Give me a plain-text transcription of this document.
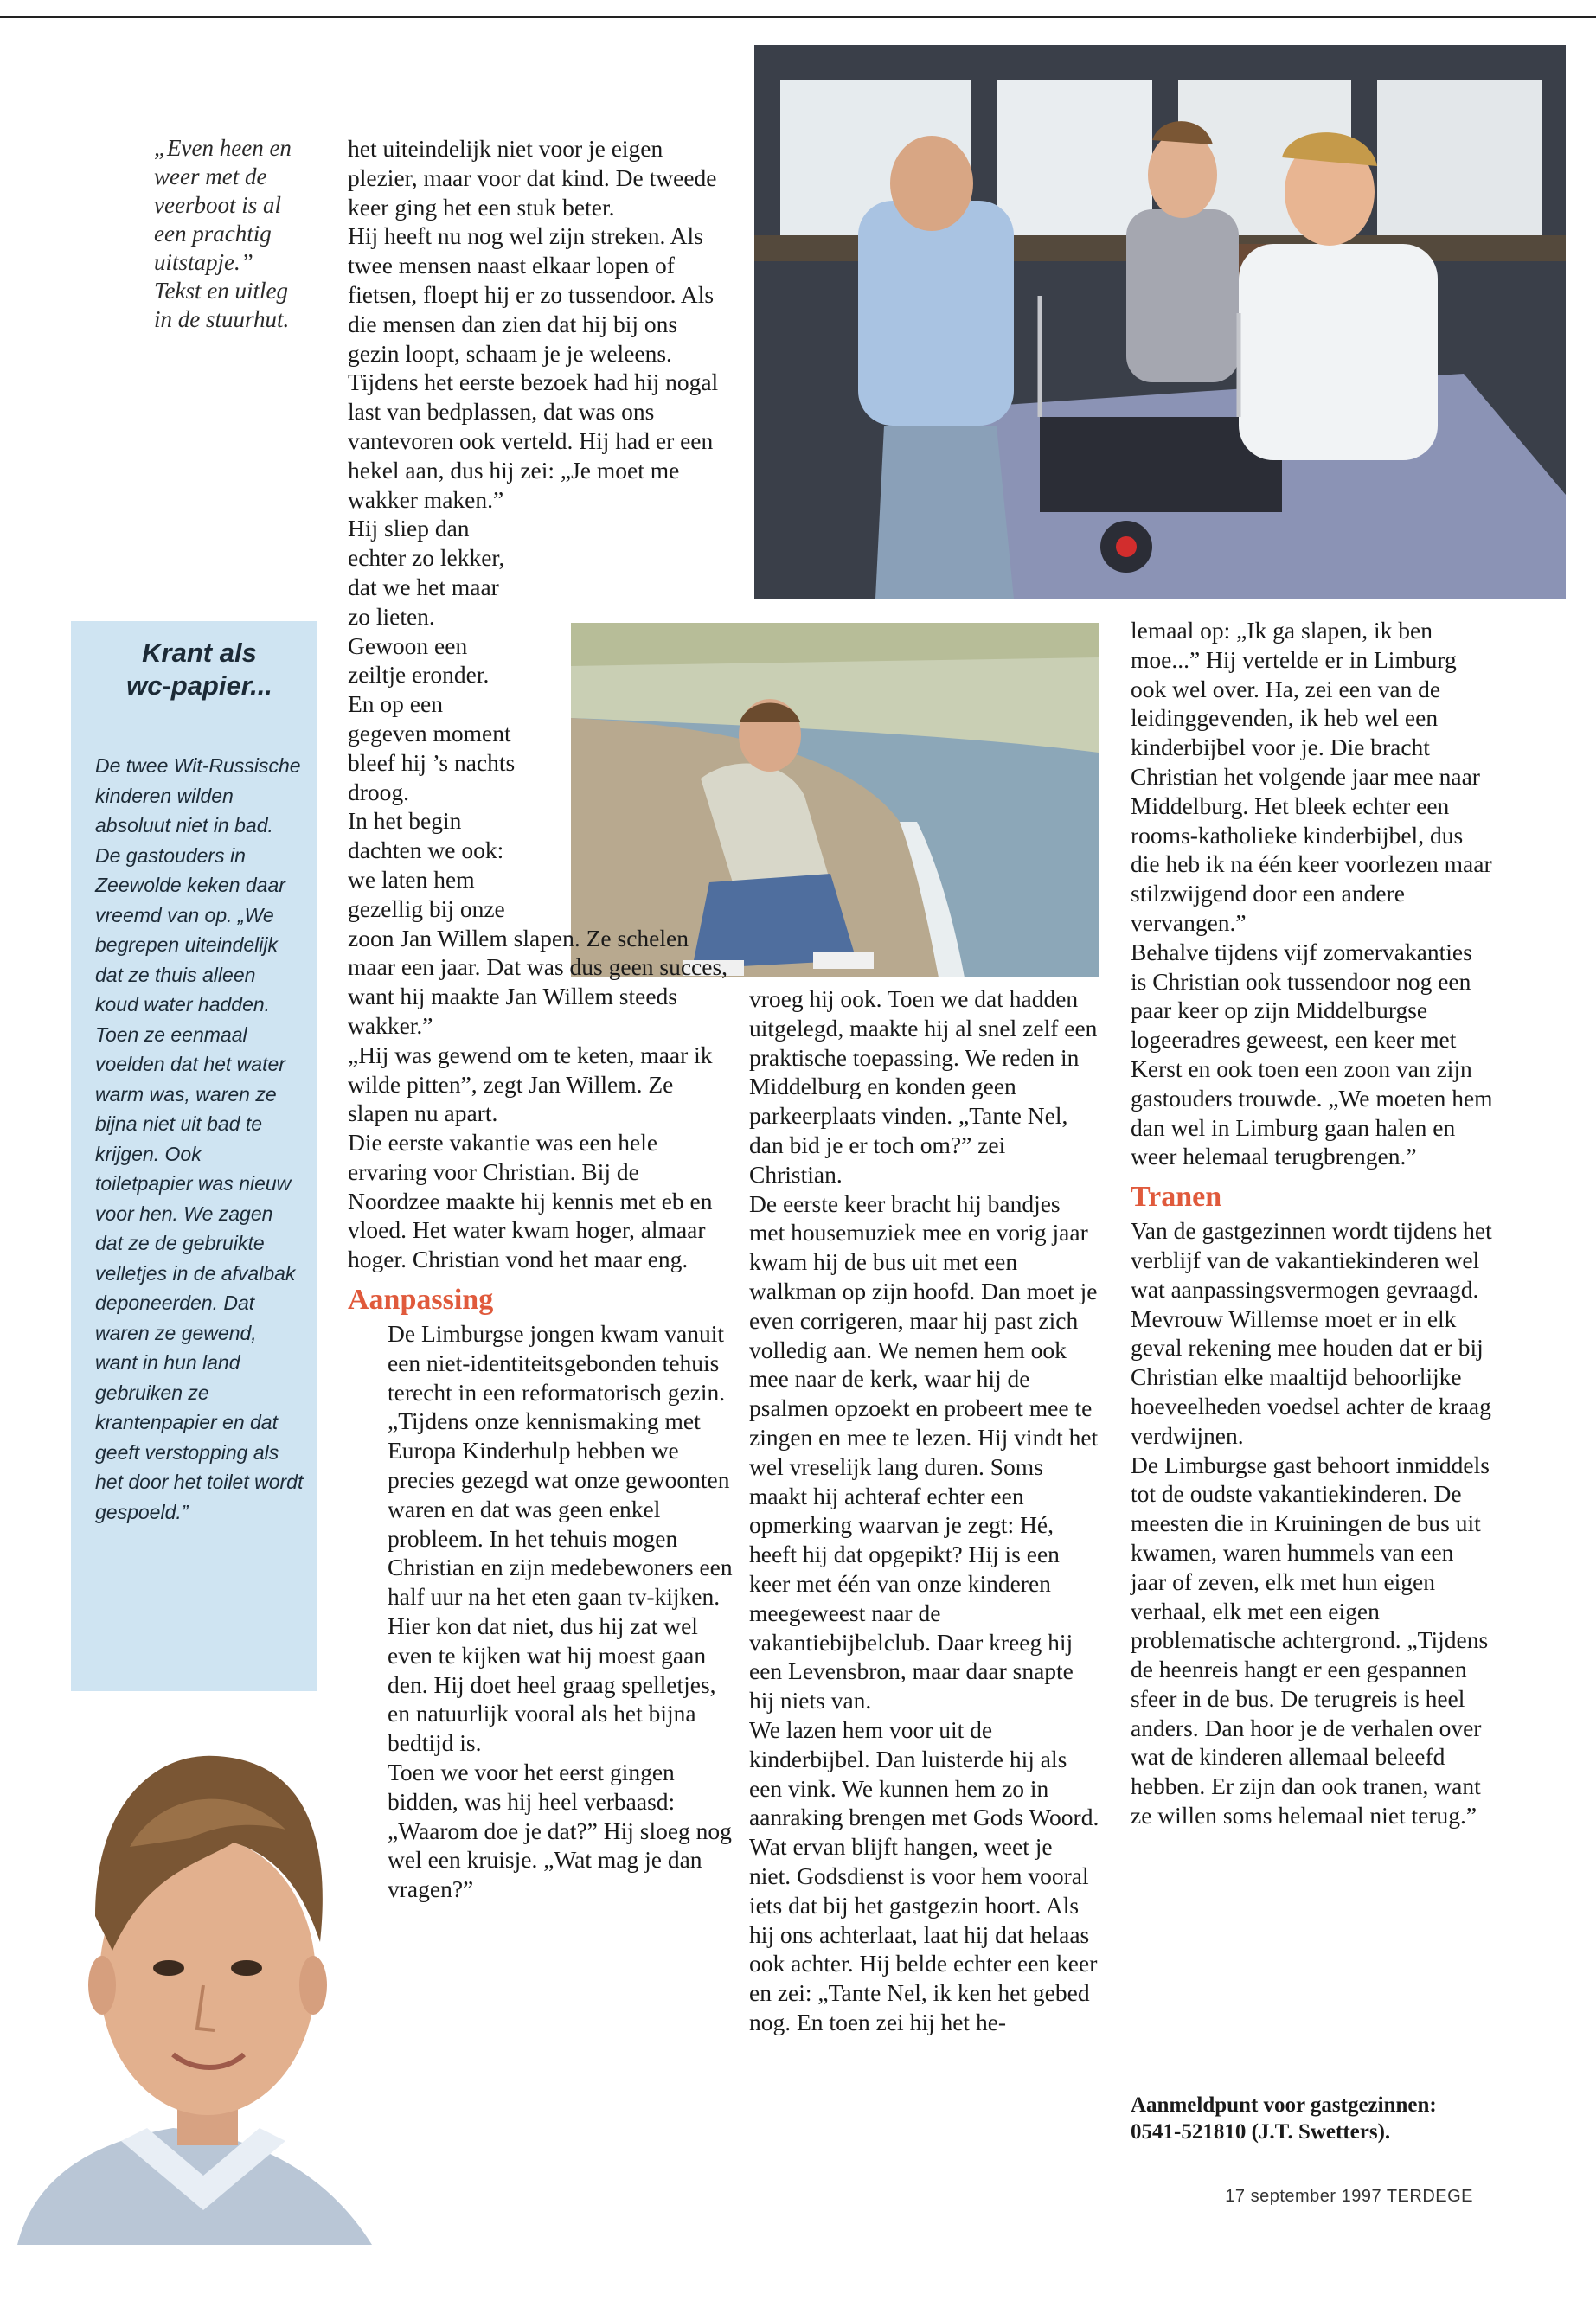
„Even heen en
weer met de
veerboot is al
een prachtig
uitstapje.”
Tekst en uitleg
in de stuurhut.
Krant als
wc-papier...
De twee Wit-Russische kinderen wilden absoluut niet in bad. De gastouders in Zeewolde keken daar vreemd van op. „We begrepen uiteindelijk dat ze thuis alleen koud water hadden. Toen ze eenmaal voelden dat het water warm was, waren ze bijna niet uit bad te krijgen. Ook toiletpapier was nieuw voor hen. We zagen dat ze de gebruikte velletjes in de afvalbak deponeerden. Dat waren ze gewend, want in hun land gebruiken ze krantenpapier en dat geeft verstopping als het door het toilet wordt gespoeld.”

het uiteindelijk niet voor je eigen plezier, maar voor dat kind. De tweede keer ging het een stuk beter.

Hij heeft nu nog wel zijn streken. Als twee mensen naast elkaar lopen of fietsen, floept hij er zo tussendoor. Als die mensen dan zien dat hij bij ons gezin loopt, schaam je je weleens. Tijdens het eerste bezoek had hij nogal last van bedplassen, dat was ons vantevoren ook verteld. Hij had er een hekel aan, dus hij zei: „Je moet me wakker maken.”

Hij sliep dan echter zo lekker, dat we het maar zo lieten. Gewoon een zeiltje eronder. En op een gegeven moment bleef hij ’s nachts droog.

In het begin dachten we ook: we laten hem gezellig bij onze zoon Jan Willem slapen. Ze schelen maar een jaar. Dat was dus geen succes, want hij maakte Jan Willem steeds wakker.”

„Hij was gewend om te keten, maar ik wilde pitten”, zegt Jan Willem. Ze slapen nu apart.

Die eerste vakantie was een hele ervaring voor Christian. Bij de Noordzee maakte hij kennis met eb en vloed. Het water kwam hoger, almaar hoger. Christian vond het maar eng.

Aanpassing

De Limburgse jongen kwam vanuit een niet-identiteitsgebonden tehuis terecht in een reformatorisch gezin. „Tijdens onze kennismaking met Europa Kinderhulp hebben we precies gezegd wat onze gewoonten waren en dat was geen enkel probleem. In het tehuis mogen Christian en zijn medebewoners een half uur na het eten gaan tv-kijken. Hier kon dat niet, dus hij zat wel even te kijken wat hij moest gaan den. Hij doet heel graag spelletjes, en natuurlijk vooral als het bijna bedtijd is.

Toen we voor het eerst gingen bidden, was hij heel verbaasd: „Waarom doe je dat?” Hij sloeg nog wel een kruisje. „Wat mag je dan vragen?”

vroeg hij ook. Toen we dat hadden uitgelegd, maakte hij al snel zelf een praktische toepassing. We reden in Middelburg en konden geen parkeerplaats vinden. „Tante Nel, dan bid je er toch om?” zei Christian.

De eerste keer bracht hij bandjes met housemuziek mee en vorig jaar kwam hij de bus uit met een walkman op zijn hoofd. Dan moet je even corrigeren, maar hij past zich volledig aan. We nemen hem ook mee naar de kerk, waar hij de psalmen opzoekt en probeert mee te zingen en mee te lezen. Hij vindt het wel vreselijk lang duren. Soms maakt hij achteraf echter een opmerking waarvan je zegt: Hé, heeft hij dat opgepikt? Hij is een keer met één van onze kinderen meegeweest naar de vakantiebijbelclub. Daar kreeg hij een Levensbron, maar daar snapte hij niets van.

We lazen hem voor uit de kinderbijbel. Dan luisterde hij als een vink. We kunnen hem zo in aanraking brengen met Gods Woord. Wat ervan blijft hangen, weet je niet. Godsdienst is voor hem vooral iets dat bij het gastgezin hoort. Als hij ons achterlaat, laat hij dat helaas ook achter. Hij belde echter een keer en zei: „Tante Nel, ik ken het gebed nog. En toen zei hij het he-

lemaal op: „Ik ga slapen, ik ben moe...” Hij vertelde er in Limburg ook wel over. Ha, zei een van de leidinggevenden, ik heb wel een kinderbijbel voor je. Die bracht Christian het volgende jaar mee naar Middelburg. Het bleek echter een rooms-katholieke kinderbijbel, dus die heb ik na één keer voorlezen maar stilzwijgend door een andere vervangen.”

Behalve tijdens vijf zomervakanties is Christian ook tussendoor nog een paar keer op zijn Middelburgse logeeradres geweest, een keer met Kerst en ook toen een zoon van zijn gastouders trouwde. „We moeten hem dan wel in Limburg gaan halen en weer helemaal terugbrengen.”

Tranen

Van de gastgezinnen wordt tijdens het verblijf van de vakantiekinderen wel wat aanpassingsvermogen gevraagd. Mevrouw Willemse moet er in elk geval rekening mee houden dat er bij Christian elke maaltijd behoorlijke hoeveelheden voedsel achter de kraag verdwijnen.

De Limburgse gast behoort inmiddels tot de oudste vakantiekinderen. De meesten die in Kruiningen de bus uit kwamen, waren hummels van een jaar of zeven, elk met hun eigen verhaal, elk met een eigen problematische achtergrond. „Tijdens de heenreis hangt er een gespannen sfeer in de bus. De terugreis is heel anders. Dan hoor je de verhalen over wat de kinderen allemaal beleefd hebben. Er zijn dan ook tranen, want ze willen soms helemaal niet terug.”

Aanmeldpunt voor gastgezinnen:
0541-521810 (J.T. Swetters).
17 september 1997 TERDEGE
